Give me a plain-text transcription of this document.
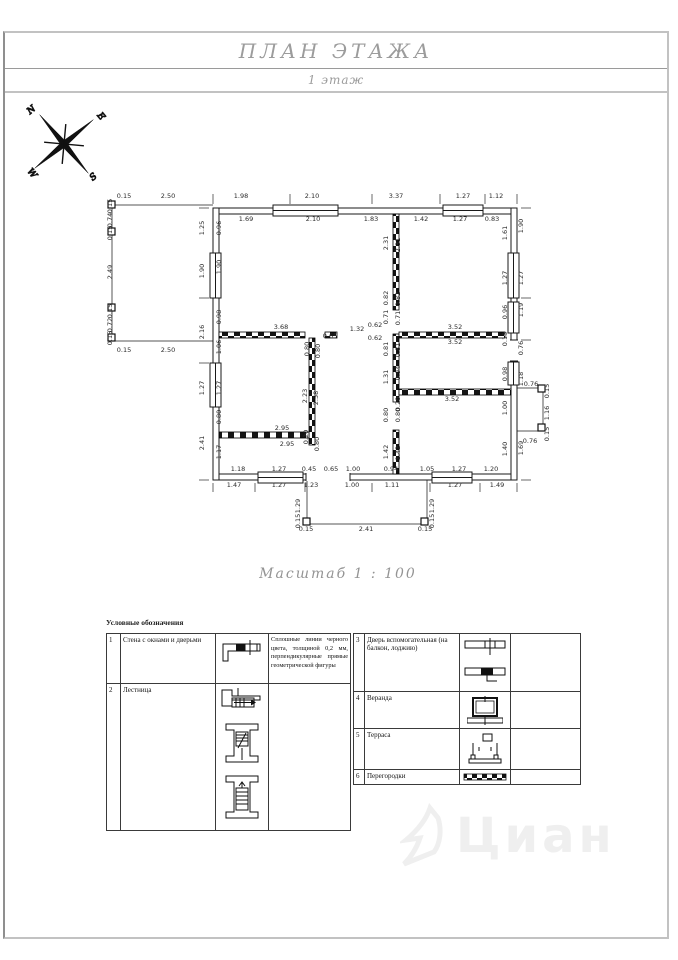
ПЛАН ЭТАЖА
1 этаж
N	E
S
W
0.15	2.50	1.98	2.10	3.37	1.27	1.12
1.69	2.10	1.83	1.42	1.27	0.83
0.15	2.50
3.68
0.65
1.32 0.62
0.62
3.52
3.52
3.52
2.95
2.95
0.76
0.76
1.18	1.27 0.45 0.65 1.00	0.94	1.05	1.27	1.20
1.47	1.27	1.23	1.00	1.11	1.27	1.49
0.15	2.41	0.15
0.15
0.74
0.15
2.49
0.15
0.72
0.15
1.25
1.90
2.16
1.27
2.41
0.96
1.90
0.98
1.06
1.27
0.80
1.17
1.61
1.27
0.96
0.13
0.98
1.00
1.40
1.90
1.27
1.19
0.76
1.18
1.69
2.31
0.82
0.71
0.81
1.31
0.80
1.42
2.31
0.82
0.71
0.81
0.94
0.20
0.80
1.42
2.23 2.58
0.80 0.80
0.20 0.80
0.15
1.16
0.15
1.29
0.15
1.29
0.15
Масштаб 1 : 100
Условные обозначения
1	Стена с окнами и дверьми	Сплошные линии черного цвета, толщиной 0,2 мм, перпендикулярные прямые геометрической фигуры
2	Лестница
3	Дверь вспомогательная (на балкон, лоджию)
4	Веранда
5	Терраса
6	Перегородки
Циан
